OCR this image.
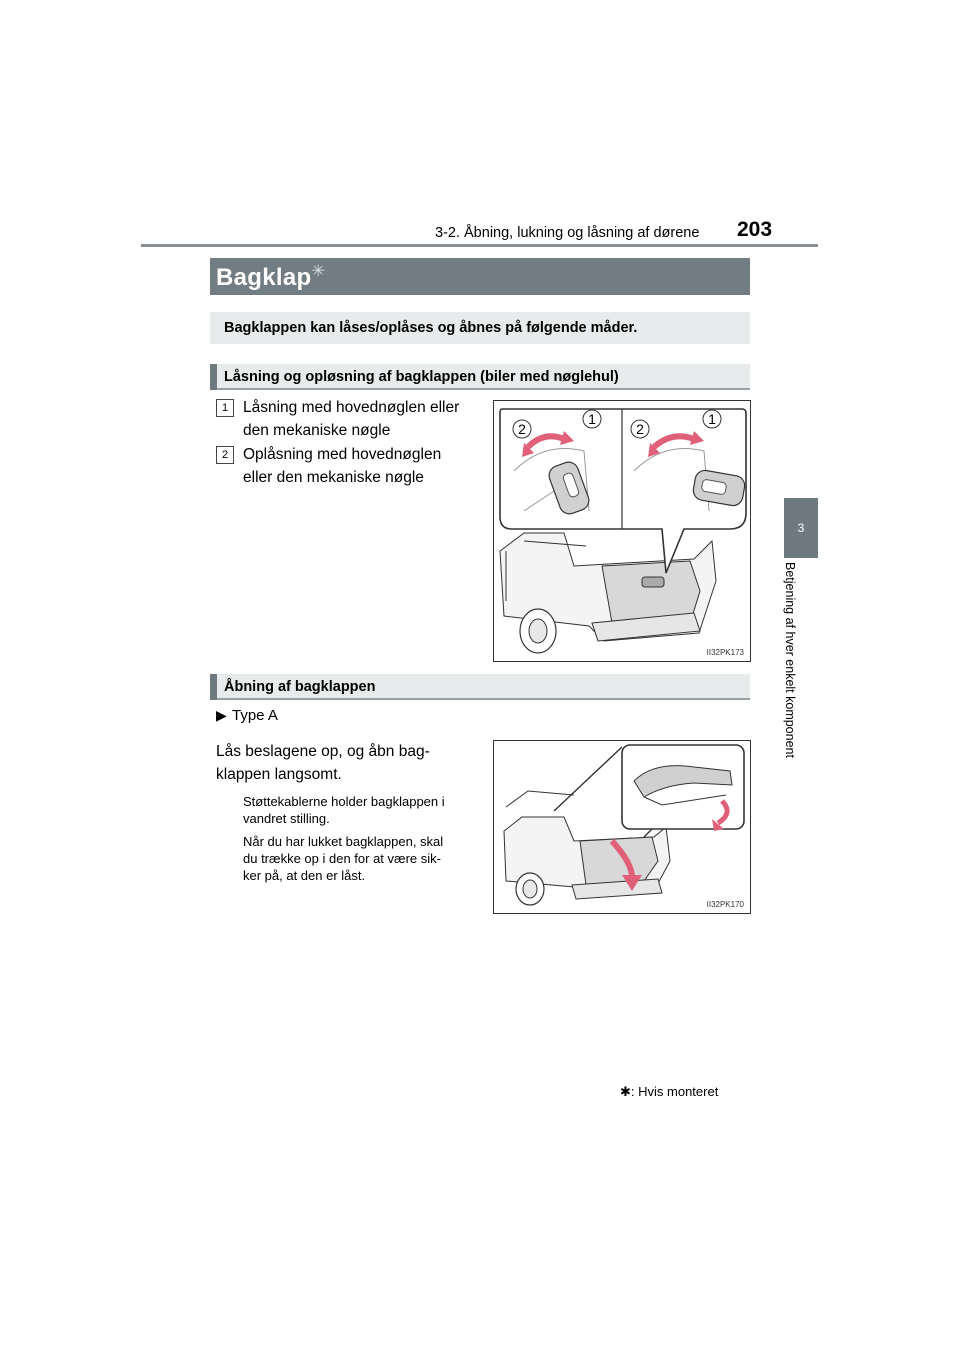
3-2. Åbning, lukning og låsning af dørene 203
3
Betjening af hver enkelt komponent
Bagklap✳
Bagklappen kan låses/oplåses og åbnes på følgende måder.
Låsning og opløsning af bagklappen (biler med nøglehul)
1 Låsning med hovednøglen eller
den mekaniske nøgle
2 Oplåsning med hovednøglen
eller den mekaniske nøgle
2
1
2
1
II32PK173
Åbning af bagklappen
▶ Type A
Lås beslagene op, og åbn bag-
klappen langsomt.
Støttekablerne holder bagklappen i
vandret stilling.
Når du har lukket bagklappen, skal
du trække op i den for at være sik-
ker på, at den er låst.
II32PK170
✱: Hvis monteret
